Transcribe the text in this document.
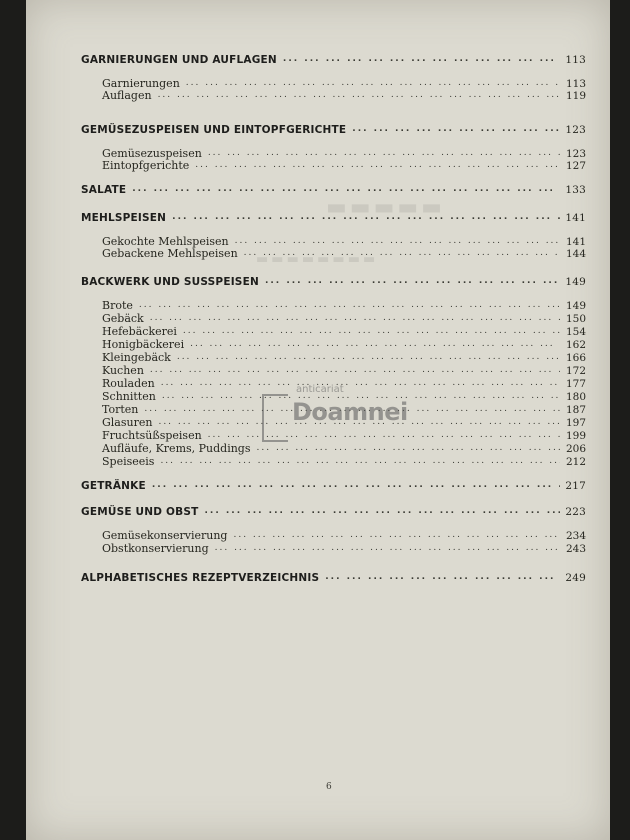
▬▬▬▬▬▬▬▬
▬▬▬▬▬
GARNIERUNGEN UND AUFLAGEN ... .	113
Garnierungen ... .	113
Auflagen ... .	119
GEMÜSEZUSPEISEN UND EINTOPFGERICHTE ... .	123
Gemüsezuspeisen ... .	123
Eintopfgerichte ... .	127
SALATE ... .	133
MEHLSPEISEN ... .	141
Gekochte Mehlspeisen ... .	141
Gebackene Mehlspeisen ... .	144
BACKWERK UND SUSSPEISEN ... .	149
Brote ... .	149
Gebäck ... .	150
Hefebäckerei ... .	154
Honigbäckerei ... .	162
Kleingebäck ... .	166
Kuchen ... .	172
Rouladen ... .	177
Schnitten ... .	180
Torten ... .	187
Glasuren ... .	197
Fruchtsüßspeisen ... .	199
Aufläufe, Krems, Puddings ... .	206
Speiseeis ... .	212
GETRÄNKE ... .	217
GEMÜSE UND OBST ... .	223
Gemüsekonservierung ... .	234
Obstkonservierung ... .	243
ALPHABETISCHES REZEPTVERZEICHNIS ... .	249
anticariat
Doamnei
6
